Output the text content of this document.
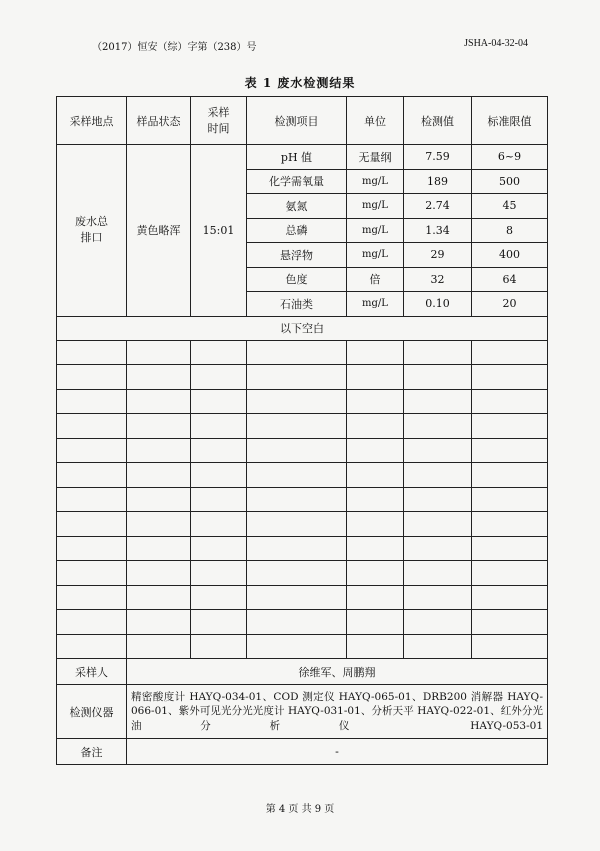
（2017）恒安（综）字第（238）号	JSHA-04-32-04
表 1 废水检测结果
采样地点	样品状态	采样时间	检测项目	单位	检测值	标准限值
废水总排口	黄色略浑	15:01	pH 值	无量纲	7.59	6~9
			化学需氧量	mg/L	189	500
			氨氮	mg/L	2.74	45
			总磷	mg/L	1.34	8
			悬浮物	mg/L	29	400
			色度	倍	32	64
			石油类	mg/L	0.10	20
以下空白						

采样人	徐维军、周鹏翔					
检测仪器	精密酸度计 HAYQ-034-01、COD 测定仪 HAYQ-065-01、DRB200 消解器 HAYQ-066-01、紫外可见光分光光度计 HAYQ-031-01、分析天平 HAYQ-022-01、红外分光油分析仪 HAYQ-053-01					
备注	-					
第 4 页 共 9 页
